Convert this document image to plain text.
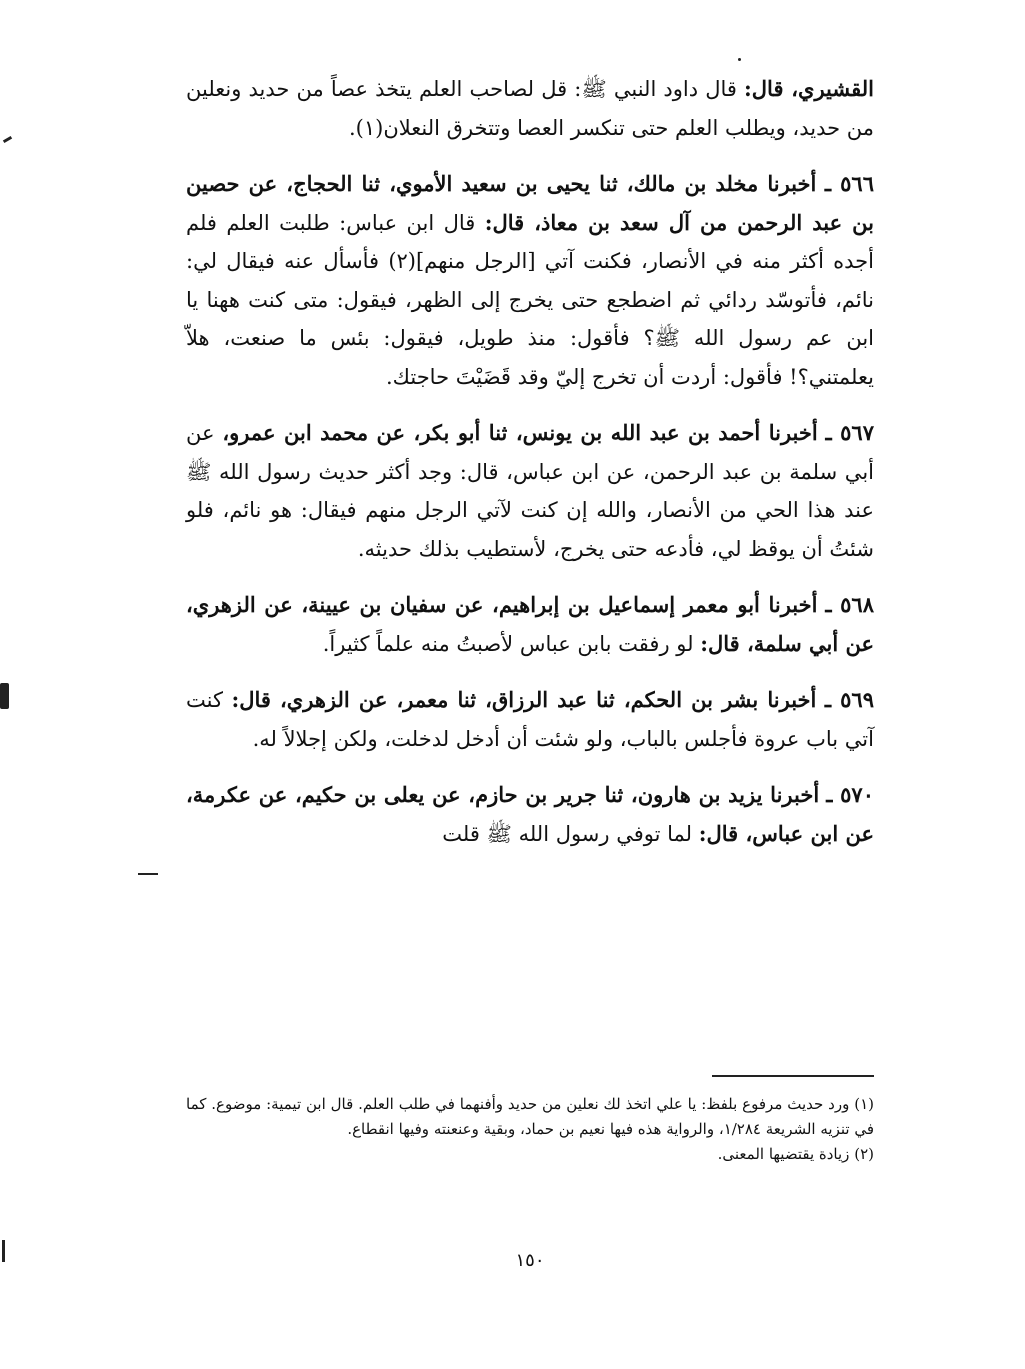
القشيري، قال: قال داود النبي ﷺ: قل لصاحب العلم يتخذ عصاً من حديد ونعلين من حديد، ويطلب العلم حتى تنكسر العصا وتتخرق النعلان(١).

٥٦٦ ـ أخبرنا مخلد بن مالك، ثنا يحيى بن سعيد الأموي، ثنا الحجاج، عن حصين بن عبد الرحمن من آل سعد بن معاذ، قال: قال ابن عباس: طلبت العلم فلم أجده أكثر منه في الأنصار، فكنت آتي [الرجل منهم](٢) فأسأل عنه فيقال لي: نائم، فأتوسّد ردائي ثم اضطجع حتى يخرج إلى الظهر، فيقول: متى كنت ههنا يا ابن عم رسول الله ﷺ؟ فأقول: منذ طويل، فيقول: بئس ما صنعت، هلاّ يعلمتني؟! فأقول: أردت أن تخرج إليّ وقد قَضَيْتَ حاجتك.

٥٦٧ ـ أخبرنا أحمد بن عبد الله بن يونس، ثنا أبو بكر، عن محمد ابن عمرو، عن أبي سلمة بن عبد الرحمن، عن ابن عباس، قال: وجد أكثر حديث رسول الله ﷺ عند هذا الحي من الأنصار، والله إن كنت لآتي الرجل منهم فيقال: هو نائم، فلو شئتُ أن يوقظ لي، فأدعه حتى يخرج، لأستطيب بذلك حديثه.

٥٦٨ ـ أخبرنا أبو معمر إسماعيل بن إبراهيم، عن سفيان بن عيينة، عن الزهري، عن أبي سلمة، قال: لو رفقت بابن عباس لأصبتُ منه علماً كثيراً.

٥٦٩ ـ أخبرنا بشر بن الحكم، ثنا عبد الرزاق، ثنا معمر، عن الزهري، قال: كنت آتي باب عروة فأجلس بالباب، ولو شئت أن أدخل لدخلت، ولكن إجلالاً له.

٥٧٠ ـ أخبرنا يزيد بن هارون، ثنا جرير بن حازم، عن يعلى بن حكيم، عن عكرمة، عن ابن عباس، قال: لما توفي رسول الله ﷺ قلت

(١) ورد حديث مرفوع بلفظ: يا علي اتخذ لك نعلين من حديد وأفنهما في طلب العلم. قال ابن تيمية: موضوع. كما في تنزيه الشريعة ١/٢٨٤، والرواية هذه فيها نعيم بن حماد، وبقية وعنعنته وفيها انقطاع.

(٢) زيادة يقتضيها المعنى.

١٥٠
